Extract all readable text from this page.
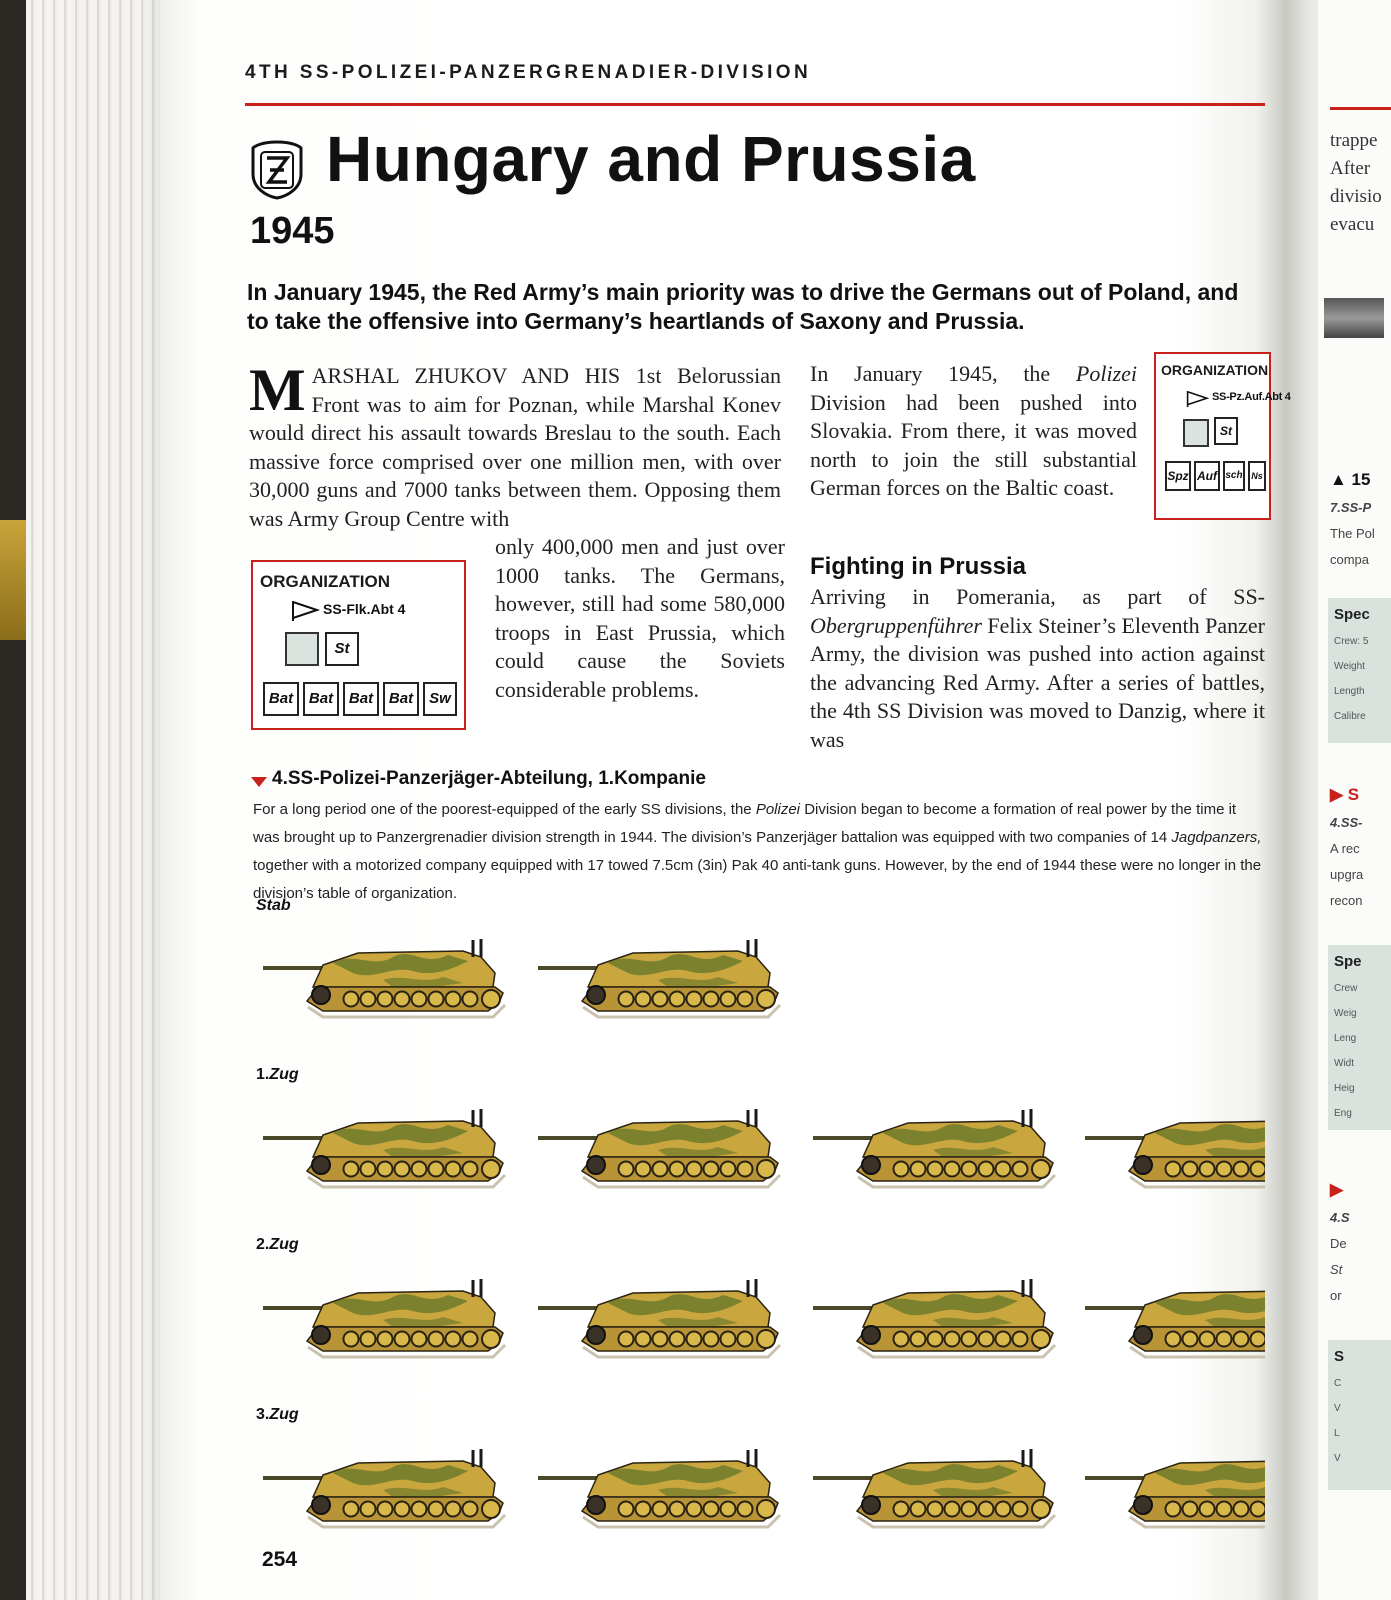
trappe
After
divisio
evacu
▲ 15
7.SS-P
The Pol
compa
Spec
Crew: 5
Weight
Length
Calibre
▶ S
4.SS-
A rec
upgra
recon
Spe
Crew
Weig
Leng
Widt
Heig
Eng
▶
4.S
De
St
or
S
C
V
L
V
4TH SS-POLIZEI-PANZERGRENADIER-DIVISION
Hungary and Prussia
1945
In January 1945, the Red Army’s main priority was to drive the Germans out of Poland, and to take the offensive into Germany’s heartlands of Saxony and Prussia.
MARSHAL ZHUKOV AND HIS 1st Belorussian Front was to aim for Poznan, while Marshal Konev would direct his assault towards Breslau to the south. Each massive force comprised over one million men, with over 30,000 guns and 7000 tanks between them. Opposing them was Army Group Centre with
only 400,000 men and just over 1000 tanks. The Germans, however, still had some 580,000 troops in East Prussia, which could cause the Soviets considerable problems.
In January 1945, the Polizei Division had been pushed into Slovakia. From there, it was moved north to join the still substantial German forces on the Baltic coast.
Fighting in Prussia
Arriving in Pomerania, as part of SS- Obergruppenführer Felix Steiner’s Eleventh Panzer Army, the division was pushed into action against the advancing Red Army. After a series of battles, the 4th SS Division was moved to Danzig, where it was
ORGANIZATION
SS-Flk.Abt 4
St
Bat	Bat	Bat	Bat	Sw
ORGANIZATION
SS-Pz.Auf.Abt 4
St
Spz Auf sch Ns
4.SS-Polizei-Panzerjäger-Abteilung, 1.Kompanie
For a long period one of the poorest-equipped of the early SS divisions, the Polizei Division began to become a formation of real power by the time it was brought up to Panzergrenadier division strength in 1944. The division’s Panzerjäger battalion was equipped with two companies of 14 Jagdpanzers, together with a motorized company equipped with 17 towed 7.5cm (3in) Pak 40 anti-tank guns. However, by the end of 1944 these were no longer in the division’s table of organization.
Stab
1.Zug
2.Zug
3.Zug
254
